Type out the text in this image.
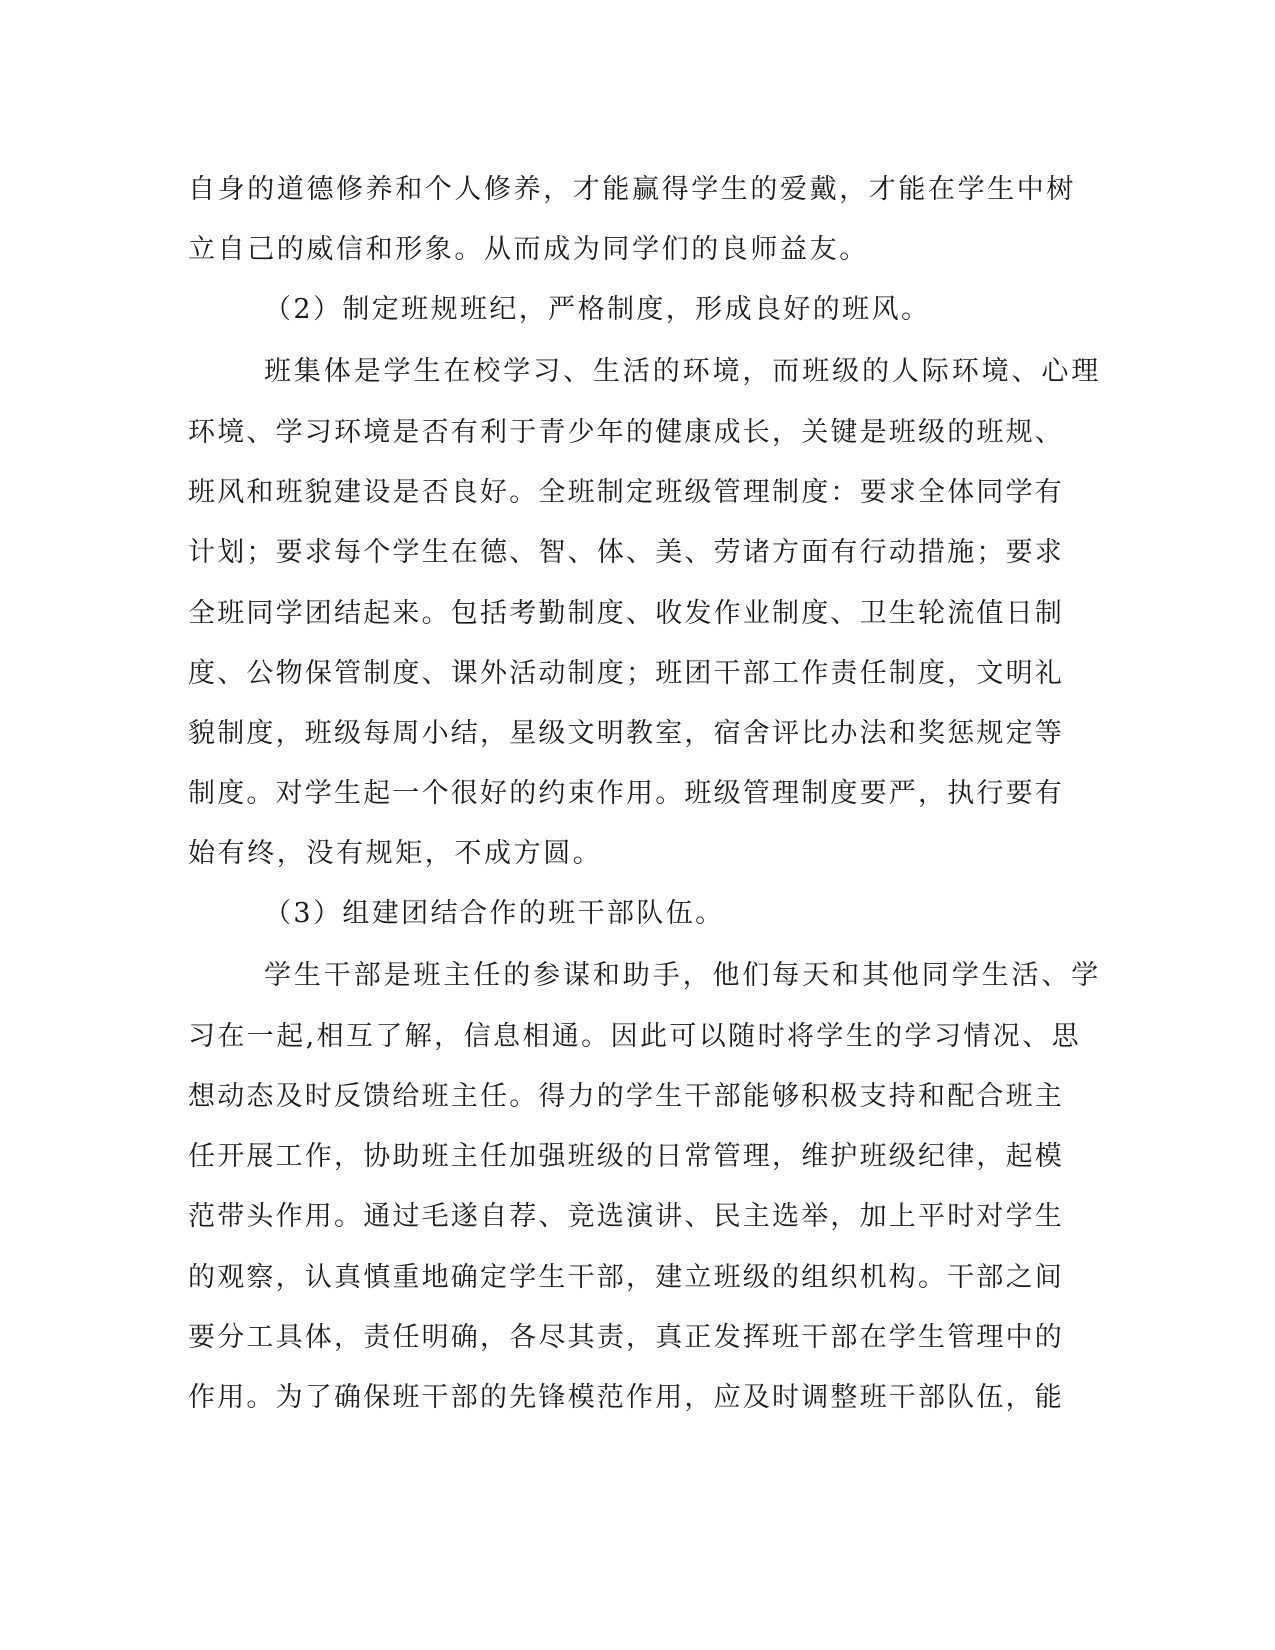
自身的道德修养和个人修养，才能赢得学生的爱戴，才能在学生中树
立自己的威信和形象。从而成为同学们的良师益友。
（2）制定班规班纪，严格制度，形成良好的班风。
班集体是学生在校学习、生活的环境，而班级的人际环境、心理
环境、学习环境是否有利于青少年的健康成长，关键是班级的班规、
班风和班貌建设是否良好。全班制定班级管理制度：要求全体同学有
计划；要求每个学生在德、智、体、美、劳诸方面有行动措施；要求
全班同学团结起来。包括考勤制度、收发作业制度、卫生轮流值日制
度、公物保管制度、课外活动制度；班团干部工作责任制度，文明礼
貌制度，班级每周小结，星级文明教室，宿舍评比办法和奖惩规定等
制度。对学生起一个很好的约束作用。班级管理制度要严，执行要有
始有终，没有规矩，不成方圆。
（3）组建团结合作的班干部队伍。
学生干部是班主任的参谋和助手，他们每天和其他同学生活、学
习在一起,相互了解，信息相通。因此可以随时将学生的学习情况、思
想动态及时反馈给班主任。得力的学生干部能够积极支持和配合班主
任开展工作，协助班主任加强班级的日常管理，维护班级纪律，起模
范带头作用。通过毛遂自荐、竞选演讲、民主选举，加上平时对学生
的观察，认真慎重地确定学生干部，建立班级的组织机构。干部之间
要分工具体，责任明确，各尽其责，真正发挥班干部在学生管理中的
作用。为了确保班干部的先锋模范作用，应及时调整班干部队伍，能
